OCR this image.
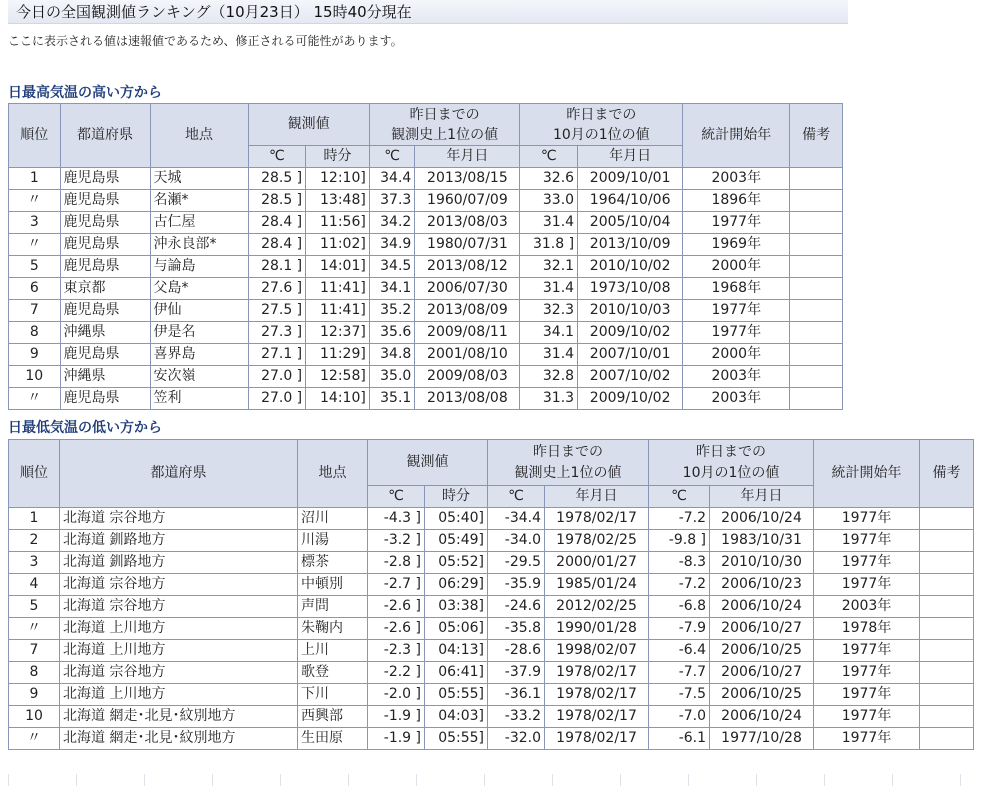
今日の全国観測値ランキング（10月23日） 15時40分現在
ここに表示される値は速報値であるため、修正される可能性があります。
日最高気温の高い方から
順位	都道府県	地点	観測値		昨日までの
観測史上1位の値		昨日までの
10月の1位の値		統計開始年	備考
			℃	時分	℃	年月日	℃	年月日		
1	鹿児島県	天城	28.5 ]	12:10]	34.4	2013/08/15	32.6	2009/10/01	2003年	
〃	鹿児島県	名瀬*	28.5 ]	13:48]	37.3	1960/07/09	33.0	1964/10/06	1896年	
3	鹿児島県	古仁屋	28.4 ]	11:56]	34.2	2013/08/03	31.4	2005/10/04	1977年	
〃	鹿児島県	沖永良部*	28.4 ]	11:02]	34.9	1980/07/31	31.8 ]	2013/10/09	1969年	
5	鹿児島県	与論島	28.1 ]	14:01]	34.5	2013/08/12	32.1	2010/10/02	2000年	
6	東京都	父島*	27.6 ]	11:41]	34.1	2006/07/30	31.4	1973/10/08	1968年	
7	鹿児島県	伊仙	27.5 ]	11:41]	35.2	2013/08/09	32.3	2010/10/03	1977年	
8	沖縄県	伊是名	27.3 ]	12:37]	35.6	2009/08/11	34.1	2009/10/02	1977年	
9	鹿児島県	喜界島	27.1 ]	11:29]	34.8	2001/08/10	31.4	2007/10/01	2000年	
10	沖縄県	安次嶺	27.0 ]	12:58]	35.0	2009/08/03	32.8	2007/10/02	2003年	
〃	鹿児島県	笠利	27.0 ]	14:10]	35.1	2013/08/08	31.3	2009/10/02	2003年	
日最低気温の低い方から
順位	都道府県	地点	観測値		昨日までの
観測史上1位の値		昨日までの
10月の1位の値		統計開始年	備考
			℃	時分	℃	年月日	℃	年月日		
1	北海道 宗谷地方	沼川	-4.3 ]	05:40]	-34.4	1978/02/17	-7.2	2006/10/24	1977年	
2	北海道 釧路地方	川湯	-3.2 ]	05:49]	-34.0	1978/02/25	-9.8 ]	1983/10/31	1977年	
3	北海道 釧路地方	標茶	-2.8 ]	05:52]	-29.5	2000/01/27	-8.3	2010/10/30	1977年	
4	北海道 宗谷地方	中頓別	-2.7 ]	06:29]	-35.9	1985/01/24	-7.2	2006/10/23	1977年	
5	北海道 宗谷地方	声問	-2.6 ]	03:38]	-24.6	2012/02/25	-6.8	2006/10/24	2003年	
〃	北海道 上川地方	朱鞠内	-2.6 ]	05:06]	-35.8	1990/01/28	-7.9	2006/10/27	1978年	
7	北海道 上川地方	上川	-2.3 ]	04:13]	-28.6	1998/02/07	-6.4	2006/10/25	1977年	
8	北海道 宗谷地方	歌登	-2.2 ]	06:41]	-37.9	1978/02/17	-7.7	2006/10/27	1977年	
9	北海道 上川地方	下川	-2.0 ]	05:55]	-36.1	1978/02/17	-7.5	2006/10/25	1977年	
10	北海道 網走･北見･紋別地方	西興部	-1.9 ]	04:03]	-33.2	1978/02/17	-7.0	2006/10/24	1977年	
〃	北海道 網走･北見･紋別地方	生田原	-1.9 ]	05:55]	-32.0	1978/02/17	-6.1	1977/10/28	1977年	
